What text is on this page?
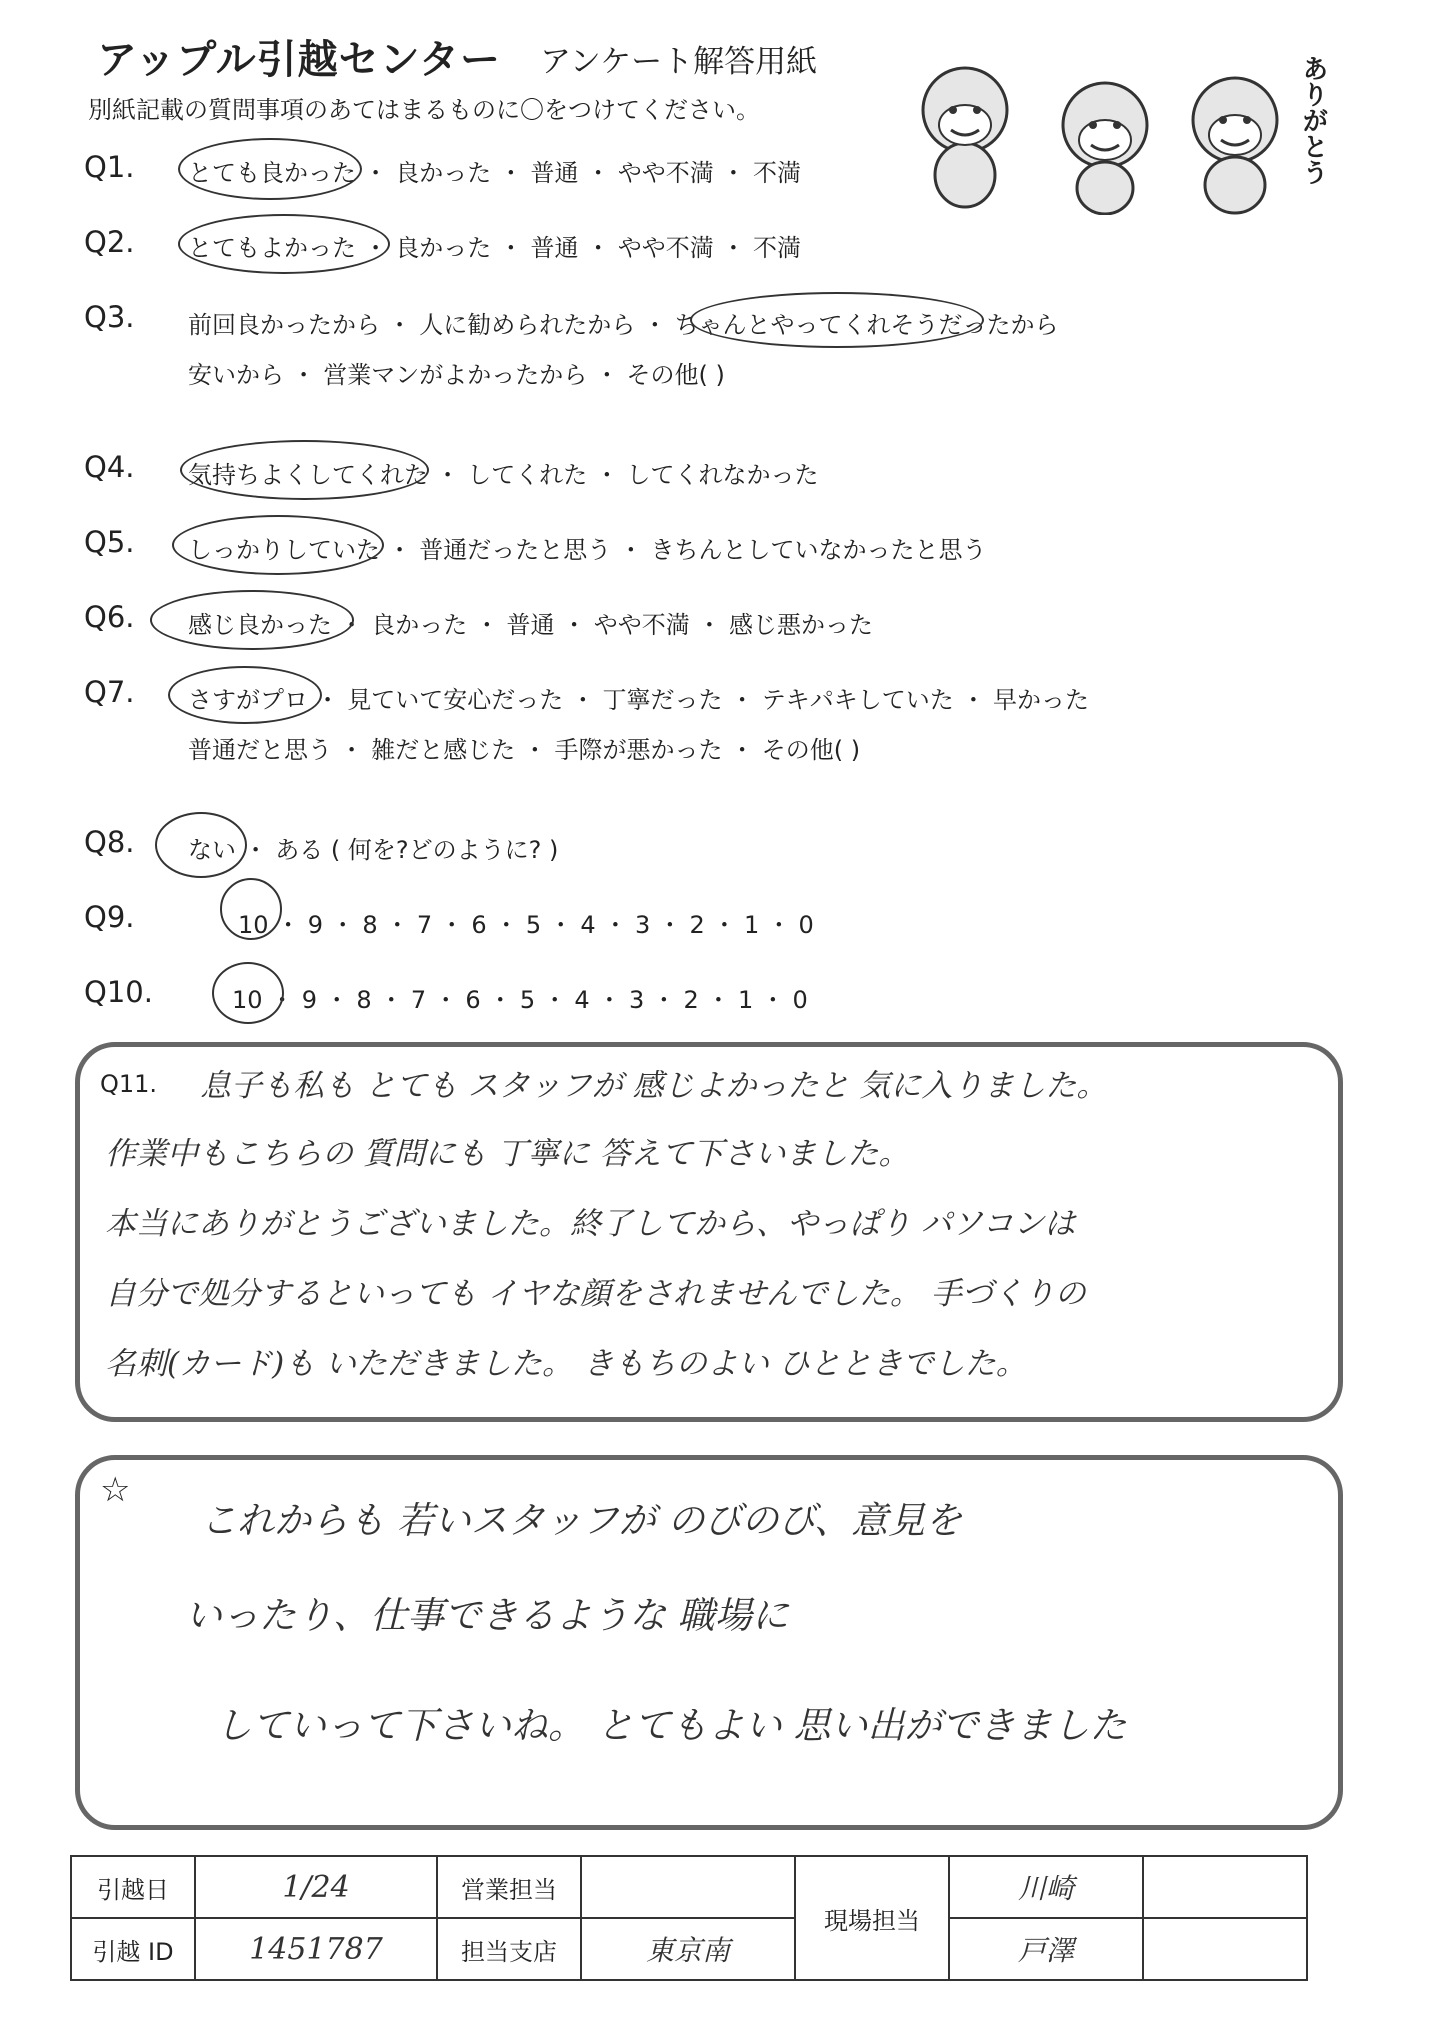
アップル引越センター アンケート解答用紙
別紙記載の質問事項のあてはまるものに〇をつけてください。	ありがとう
Q1. とても良かった ・ 良かった ・ 普通 ・ やや不満 ・ 不満
Q2. とてもよかった ・ 良かった ・ 普通 ・ やや不満 ・ 不満
Q3. 前回良かったから ・ 人に勧められたから ・ ちゃんとやってくれそうだったから
安いから ・ 営業マンがよかったから ・ その他( )
Q4. 気持ちよくしてくれた ・ してくれた ・ してくれなかった
Q5. しっかりしていた ・ 普通だったと思う ・ きちんとしていなかったと思う
Q6. 感じ良かった ・ 良かった ・ 普通 ・ やや不満 ・ 感じ悪かった
Q7. さすがプロ ・ 見ていて安心だった ・ 丁寧だった ・ テキパキしていた ・ 早かった
普通だと思う ・ 雑だと感じた ・ 手際が悪かった ・ その他( )
Q8. ない ・ ある ( 何を?どのように? )
Q9.	10 ・ 9 ・ 8 ・ 7 ・ 6 ・ 5 ・ 4 ・ 3 ・ 2 ・ 1 ・ 0
Q10.	10 ・ 9 ・ 8 ・ 7 ・ 6 ・ 5 ・ 4 ・ 3 ・ 2 ・ 1 ・ 0
Q11. 息子も私も とても スタッフが 感じよかったと 気に入りました。
作業中もこちらの 質問にも 丁寧に 答えて下さいました。
本当にありがとうございました。終了してから、やっぱり パソコンは
自分で処分するといっても イヤな顔をされませんでした。 手づくりの
名刺(カード)も いただきました。 きもちのよい ひとときでした。
☆
これからも 若いスタッフが のびのび、意見を
いったり、仕事できるような 職場に
していって下さいね。 とてもよい 思い出ができました
引越日	1/24	営業担当		現場担当	川崎	
引越 ID	1451787	担当支店	東京南		戸澤	
